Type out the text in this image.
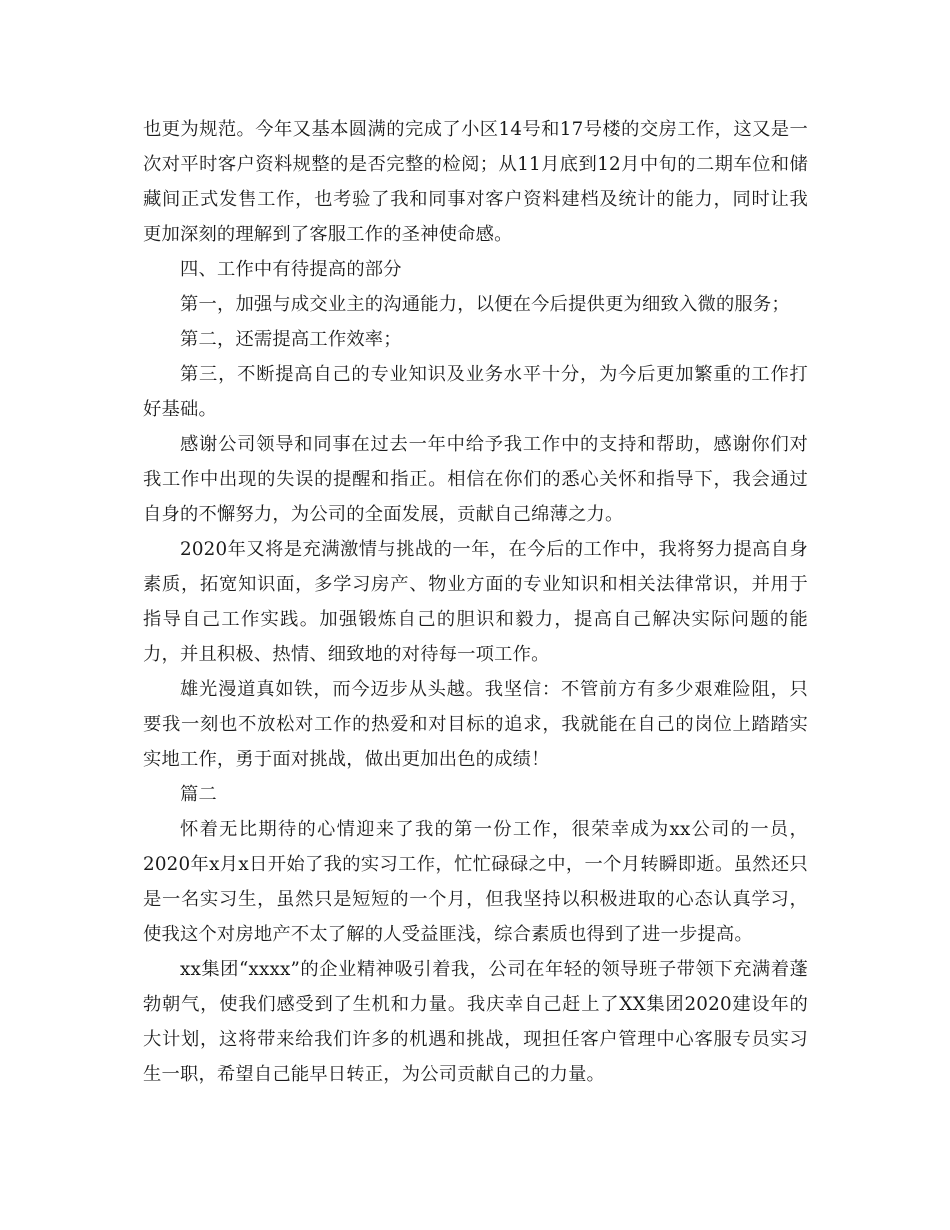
也更为规范。今年又基本圆满的完成了小区14号和17号楼的交房工作，这又是一次对平时客户资料规整的是否完整的检阅；从11月底到12月中旬的二期车位和储藏间正式发售工作，也考验了我和同事对客户资料建档及统计的能力，同时让我更加深刻的理解到了客服工作的圣神使命感。

四、工作中有待提高的部分

第一，加强与成交业主的沟通能力，以便在今后提供更为细致入微的服务；

第二，还需提高工作效率；

第三，不断提高自己的专业知识及业务水平十分，为今后更加繁重的工作打好基础。

感谢公司领导和同事在过去一年中给予我工作中的支持和帮助，感谢你们对我工作中出现的失误的提醒和指正。相信在你们的悉心关怀和指导下，我会通过自身的不懈努力，为公司的全面发展，贡献自己绵薄之力。

2020年又将是充满激情与挑战的一年，在今后的工作中，我将努力提高自身素质，拓宽知识面，多学习房产、物业方面的专业知识和相关法律常识，并用于指导自己工作实践。加强锻炼自己的胆识和毅力，提高自己解决实际问题的能力，并且积极、热情、细致地的对待每一项工作。

雄光漫道真如铁，而今迈步从头越。我坚信：不管前方有多少艰难险阻，只要我一刻也不放松对工作的热爱和对目标的追求，我就能在自己的岗位上踏踏实实地工作，勇于面对挑战，做出更加出色的成绩！

篇二

怀着无比期待的心情迎来了我的第一份工作，很荣幸成为xx公司的一员，2020年x月x日开始了我的实习工作，忙忙碌碌之中，一个月转瞬即逝。虽然还只是一名实习生，虽然只是短短的一个月，但我坚持以积极进取的心态认真学习，使我这个对房地产不太了解的人受益匪浅，综合素质也得到了进一步提高。

xx集团“xxxx”的企业精神吸引着我，公司在年轻的领导班子带领下充满着蓬勃朝气，使我们感受到了生机和力量。我庆幸自己赶上了XX集团2020建设年的大计划，这将带来给我们许多的机遇和挑战，现担任客户管理中心客服专员实习生一职，希望自己能早日转正，为公司贡献自己的力量。
